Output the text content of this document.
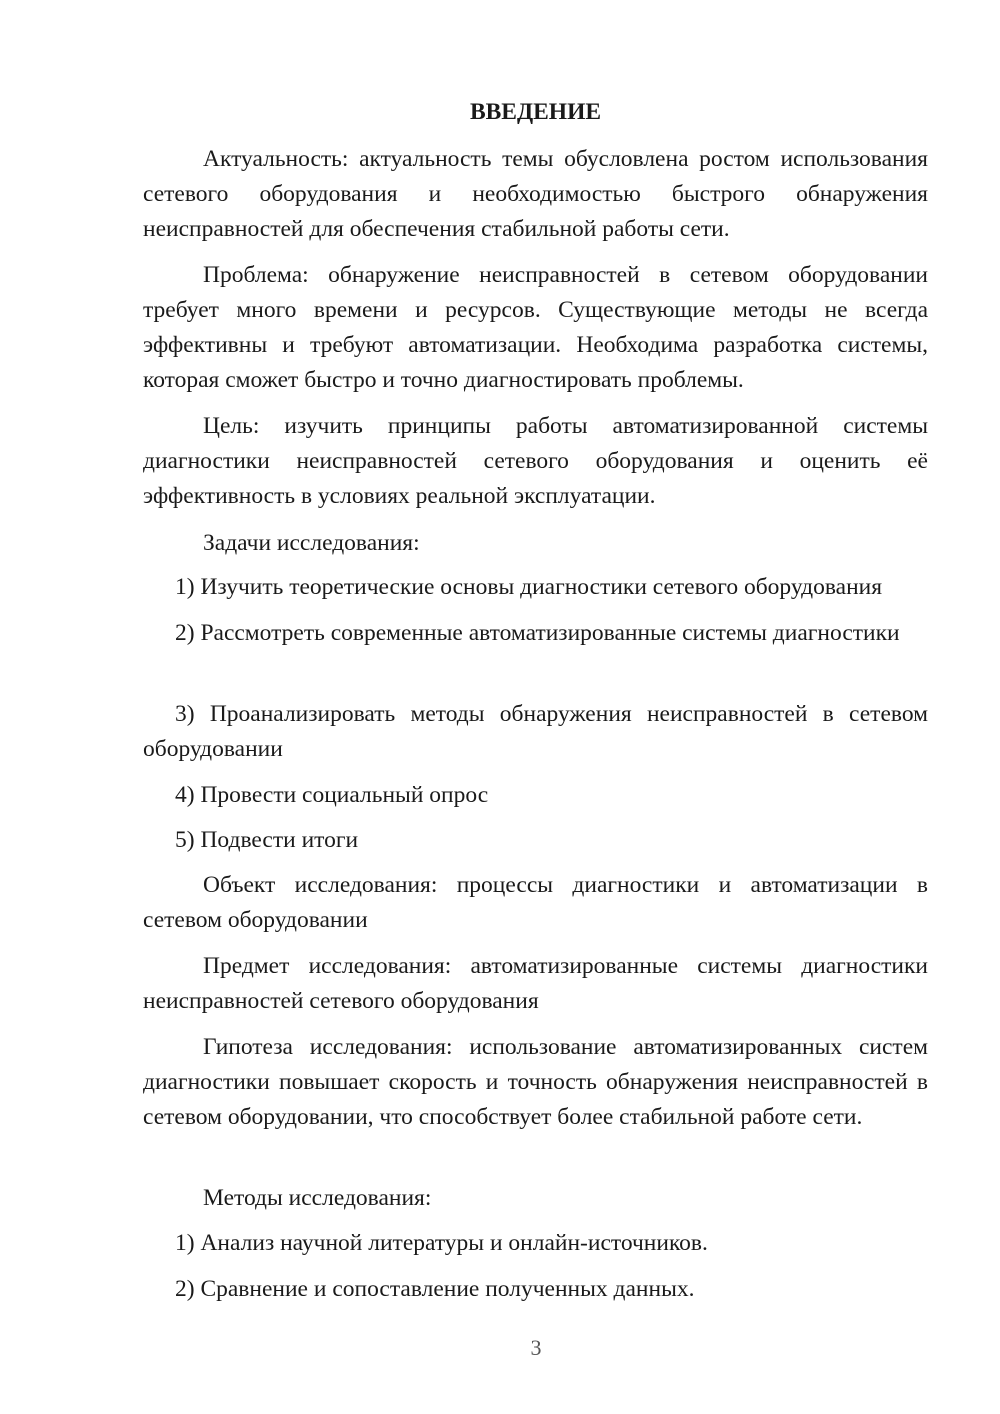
ВВЕДЕНИЕ

Актуальность: актуальность темы обусловлена ростом использования сетевого оборудования и необходимостью быстрого обнаружения неисправностей для обеспечения стабильной работы сети.

Проблема: обнаружение неисправностей в сетевом оборудовании требует много времени и ресурсов. Существующие методы не всегда эффективны и требуют автоматизации. Необходима разработка системы, которая сможет быстро и точно диагностировать проблемы.

Цель: изучить принципы работы автоматизированной системы диагностики неисправностей сетевого оборудования и оценить её эффективность в условиях реальной эксплуатации.

Задачи исследования:

1) Изучить теоретические основы диагностики сетевого оборудования

2) Рассмотреть современные автоматизированные системы диагностики

3) Проанализировать методы обнаружения неисправностей в сетевом оборудовании

4) Провести социальный опрос

5) Подвести итоги

Объект исследования: процессы диагностики и автоматизации в сетевом оборудовании

Предмет исследования: автоматизированные системы диагностики неисправностей сетевого оборудования

Гипотеза исследования: использование автоматизированных систем диагностики повышает скорость и точность обнаружения неисправностей в сетевом оборудовании, что способствует более стабильной работе сети.

Методы исследования:

1) Анализ научной литературы и онлайн-источников.

2) Сравнение и сопоставление полученных данных.

3
